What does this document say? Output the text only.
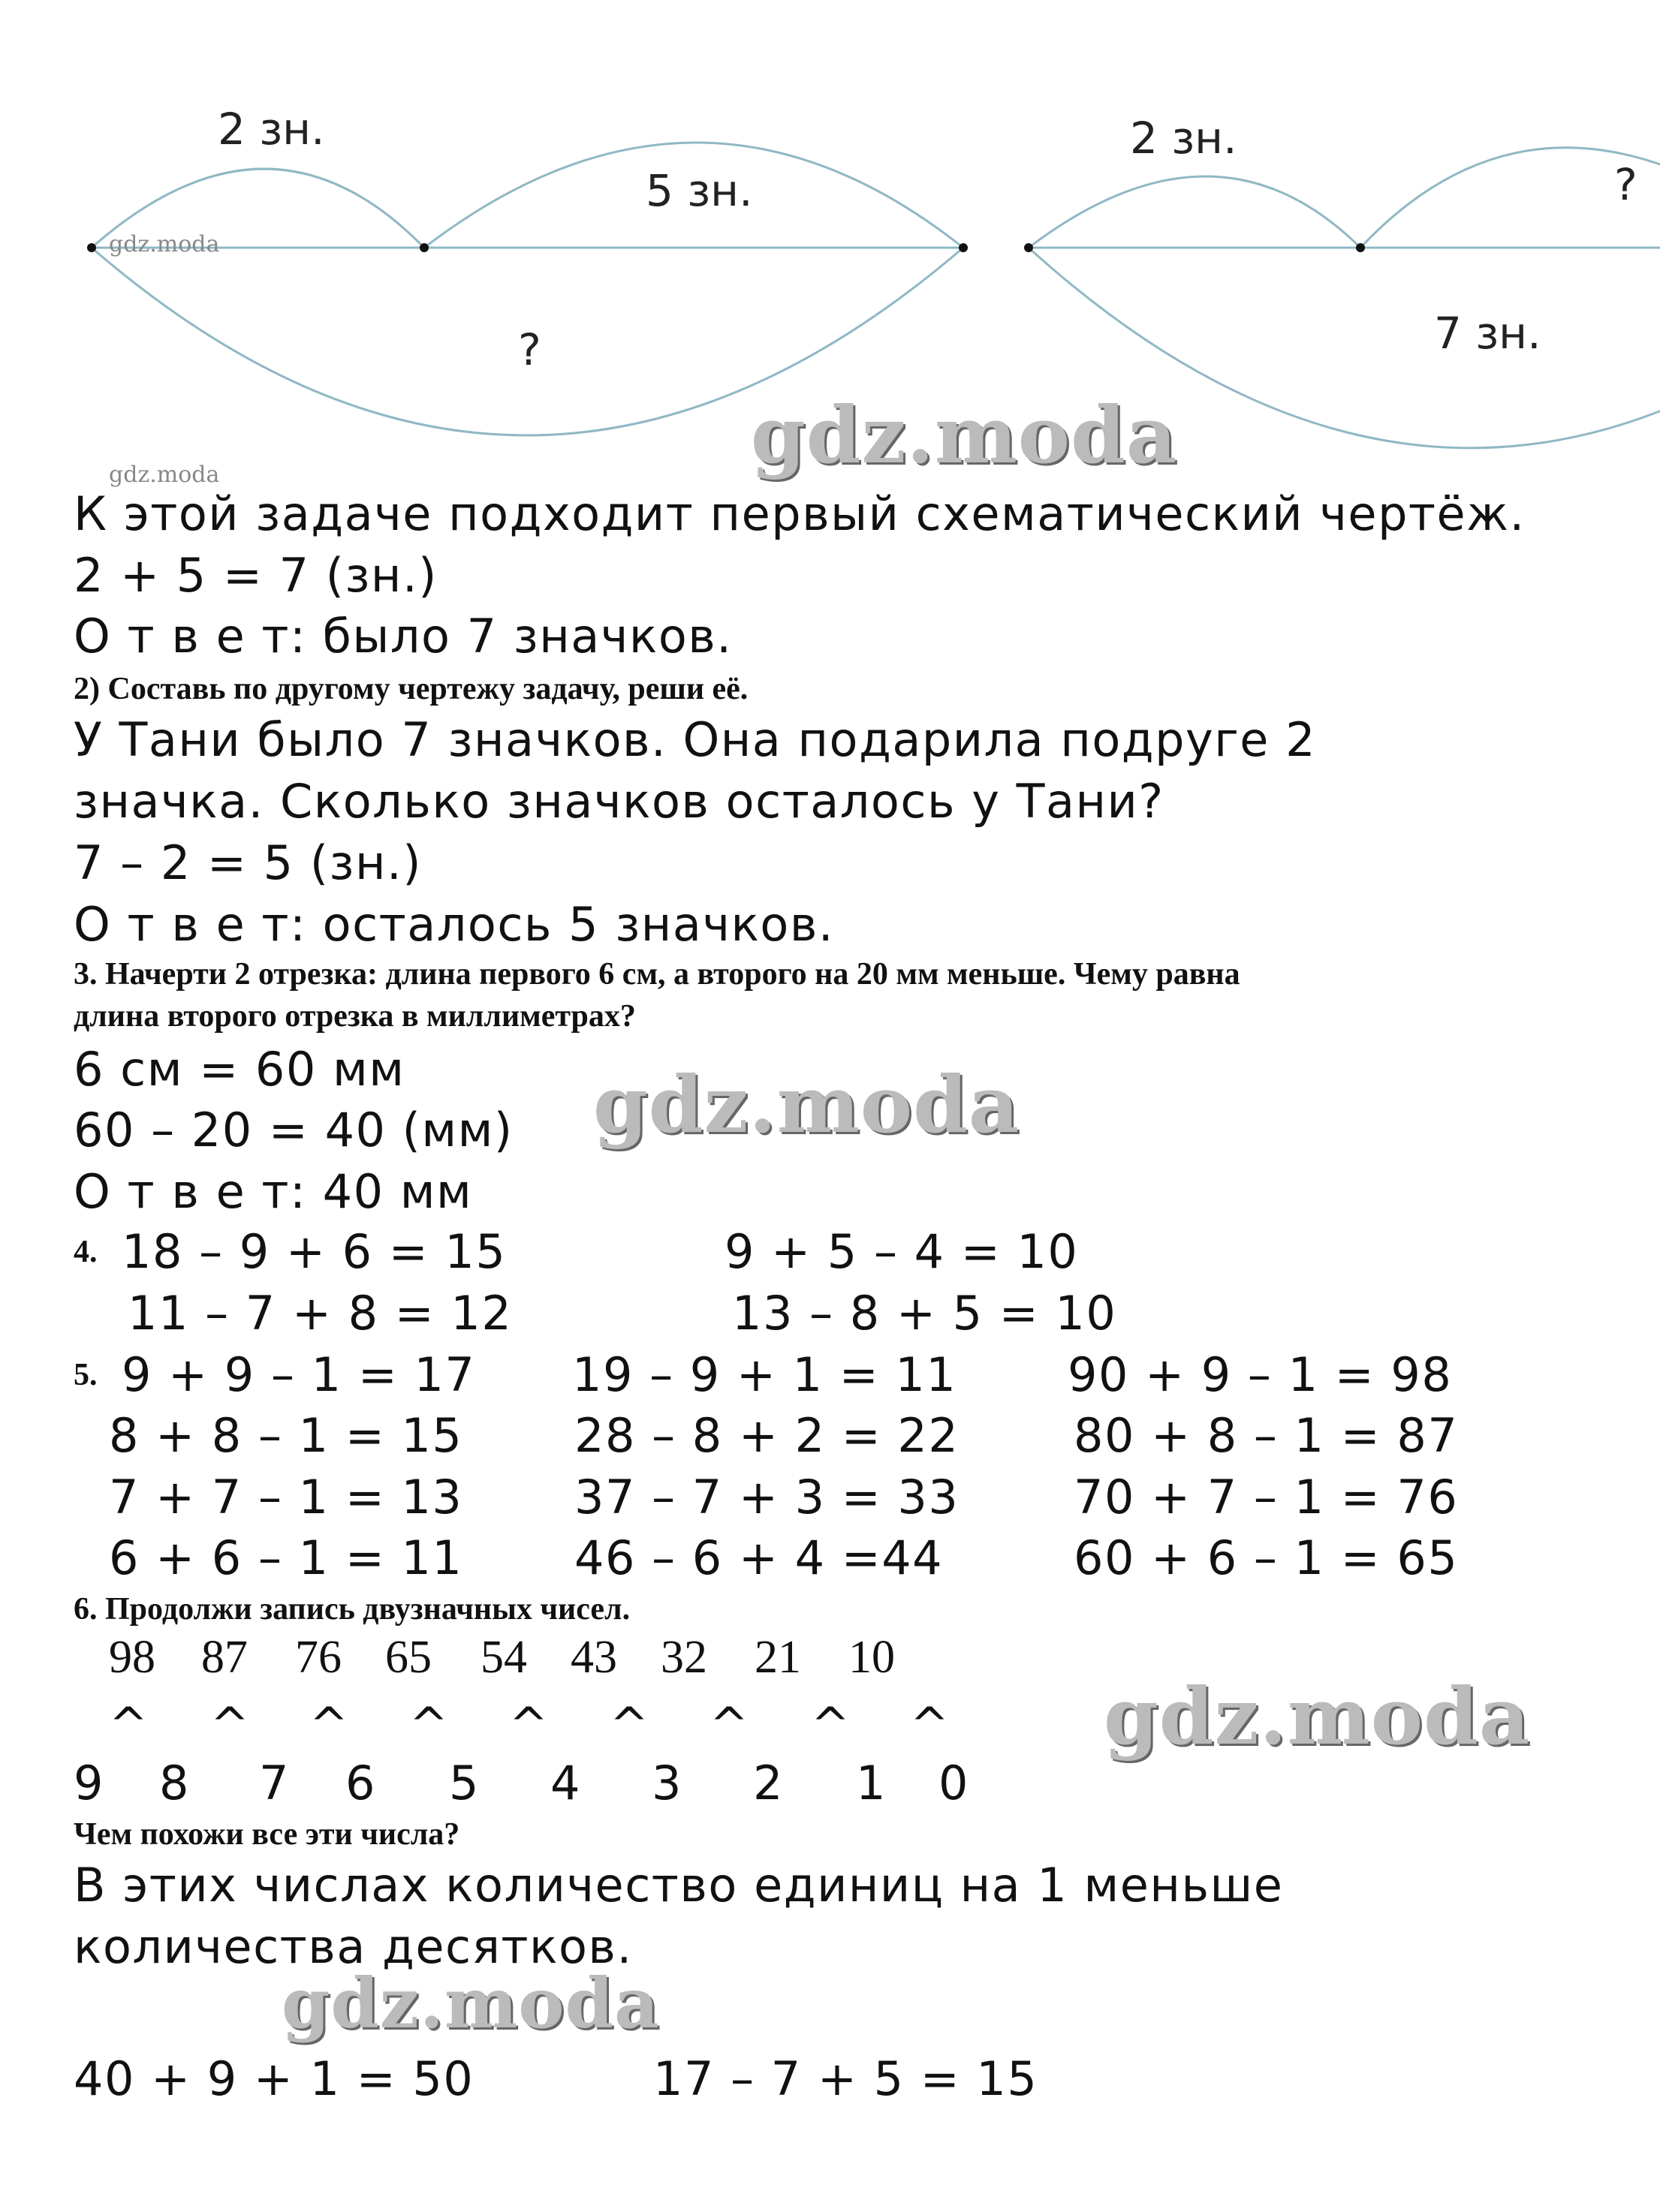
2 зн.
5 зн.
?
2 зн.
?
7 зн.
gdz.moda
gdz.moda	gdz.moda
gdz.moda
gdz.moda
gdz.moda
К этой задаче подходит первый схематический чертёж.
2 + 5 = 7 (зн.)
О т в е т: было 7 значков.
2) Составь по другому чертежу задачу, реши её.
У Тани было 7 значков. Она подарила подруге 2
значка. Сколько значков осталось у Тани?
7 – 2 = 5 (зн.)
О т в е т: осталось 5 значков.
3. Начерти 2 отрезка: длина первого 6 см, а второго на 20 мм меньше. Чему равна
длина второго отрезка в миллиметрах?
6 см = 60 мм
60 – 20 = 40 (мм)
О т в е т: 40 мм
4. 18 – 9 + 6 = 15	9 + 5 – 4 = 10
11 – 7 + 8 = 12	13 – 8 + 5 = 10
5. 9 + 9 – 1 = 17 19 – 9 + 1 = 11 90 + 9 – 1 = 98
8 + 8 – 1 = 15 28 – 8 + 2 = 22 80 + 8 – 1 = 87
7 + 7 – 1 = 13 37 – 7 + 3 = 33 70 + 7 – 1 = 76
6 + 6 – 1 = 11 46 – 6 + 4 =44	60 + 6 – 1 = 65
6. Продолжи запись двузначных чисел.
98 87 76 65 54 43 32 21 10
^ ^ ^ ^ ^ ^ ^ ^ ^
9 8 7 6 5 4 3 2 1 0
Чем похожи все эти числа?
В этих числах количество единиц на 1 меньше
количества десятков.
40 + 9 + 1 = 50	17 – 7 + 5 = 15
